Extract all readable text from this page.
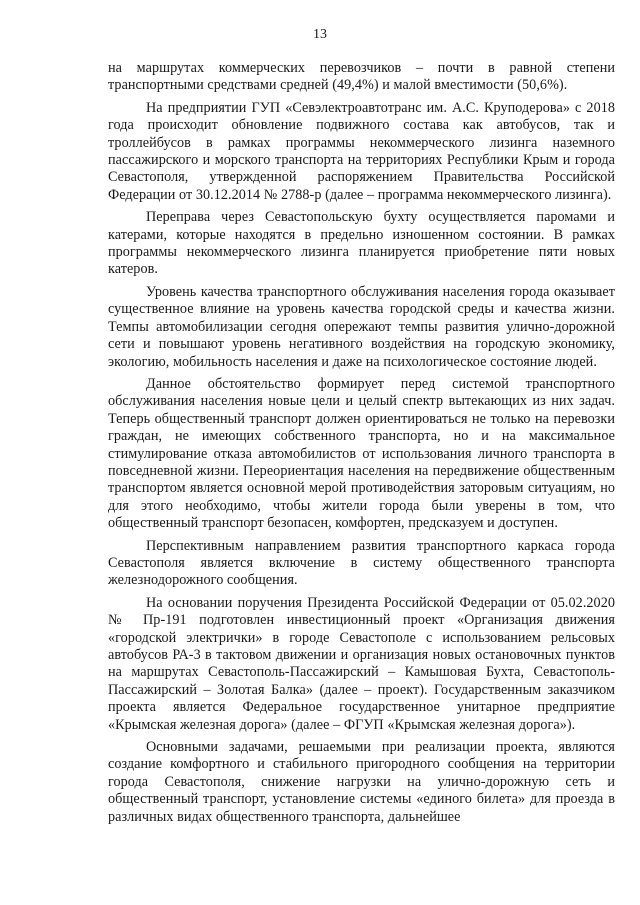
13

на маршрутах коммерческих перевозчиков – почти в равной степени транспортными средствами средней (49,4%) и малой вместимости (50,6%).

На предприятии ГУП «Севэлектроавтотранс им. А.С. Круподерова» с 2018 года происходит обновление подвижного состава как автобусов, так и троллейбусов в рамках программы некоммерческого лизинга наземного пассажирского и морского транспорта на территориях Республики Крым и города Севастополя, утвержденной распоряжением Правительства Российской Федерации от 30.12.2014 № 2788-р (далее – программа некоммерческого лизинга).

Переправа через Севастопольскую бухту осуществляется паромами и катерами, которые находятся в предельно изношенном состоянии. В рамках программы некоммерческого лизинга планируется приобретение пяти новых катеров.

Уровень качества транспортного обслуживания населения города оказывает существенное влияние на уровень качества городской среды и качества жизни. Темпы автомобилизации сегодня опережают темпы развития улично-дорожной сети и повышают уровень негативного воздействия на городскую экономику, экологию, мобильность населения и даже на психологическое состояние людей.

Данное обстоятельство формирует перед системой транспортного обслуживания населения новые цели и целый спектр вытекающих из них задач. Теперь общественный транспорт должен ориентироваться не только на перевозки граждан, не имеющих собственного транспорта, но и на максимальное стимулирование отказа автомобилистов от использования личного транспорта в повседневной жизни. Переориентация населения на передвижение общественным транспортом является основной мерой противодействия заторовым ситуациям, но для этого необходимо, чтобы жители города были уверены в том, что общественный транспорт безопасен, комфортен, предсказуем и доступен.

Перспективным направлением развития транспортного каркаса города Севастополя является включение в систему общественного транспорта железнодорожного сообщения.

На основании поручения Президента Российской Федерации от 05.02.2020 № Пр-191 подготовлен инвестиционный проект «Организация движения «городской электрички» в городе Севастополе с использованием рельсовых автобусов РА-3 в тактовом движении и организация новых остановочных пунктов на маршрутах Севастополь-Пассажирский – Камышовая Бухта, Севастополь-Пассажирский – Золотая Балка» (далее – проект). Государственным заказчиком проекта является Федеральное государственное унитарное предприятие «Крымская железная дорога» (далее – ФГУП «Крымская железная дорога»).

Основными задачами, решаемыми при реализации проекта, являются создание комфортного и стабильного пригородного сообщения на территории города Севастополя, снижение нагрузки на улично-дорожную сеть и общественный транспорт, установление системы «единого билета» для проезда в различных видах общественного транспорта, дальнейшее
